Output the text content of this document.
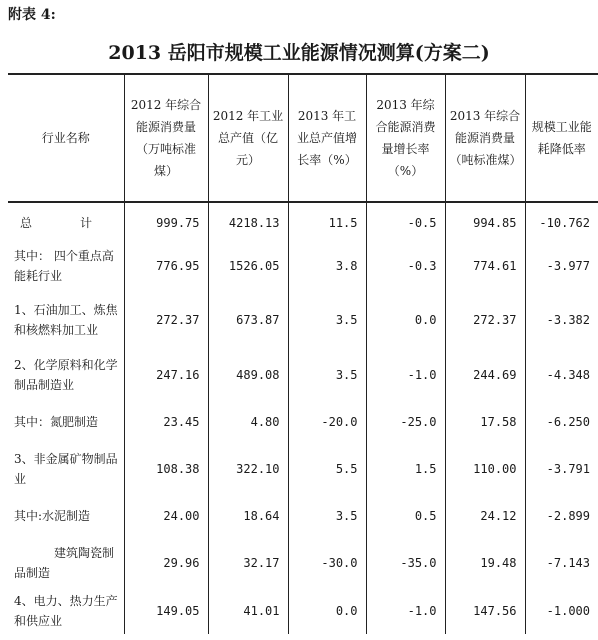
附表 4:
2013 岳阳市规模工业能源情况测算(方案二)
行业名称	2012 年综合能源消费量（万吨标准煤）	2012 年工业总产值（亿元）	2013 年工业总产值增长率（%）	2013 年综合能源消费量增长率（%）	2013 年综合能源消费量（吨标准煤）	规模工业能耗降低率

总 计	999.75	4218.13	11.5	-0.5	994.85	-10.762
其中： 四个重点高能耗行业	776.95	1526.05	3.8	-0.3	774.61	-3.977
1、石油加工、炼焦和核燃料加工业	272.37	673.87	3.5	0.0	272.37	-3.382
2、化学原料和化学制品制造业	247.16	489.08	3.5	-1.0	244.69	-4.348
其中：氮肥制造	23.45	4.80	-20.0	-25.0	17.58	-6.250
3、非金属矿物制品业	108.38	322.10	5.5	1.5	110.00	-3.791
其中:水泥制造	24.00	18.64	3.5	0.5	24.12	-2.899
建筑陶瓷制品制造	29.96	32.17	-30.0	-35.0	19.48	-7.143
4、电力、热力生产和供应业	149.05	41.01	0.0	-1.0	147.56	-1.000
